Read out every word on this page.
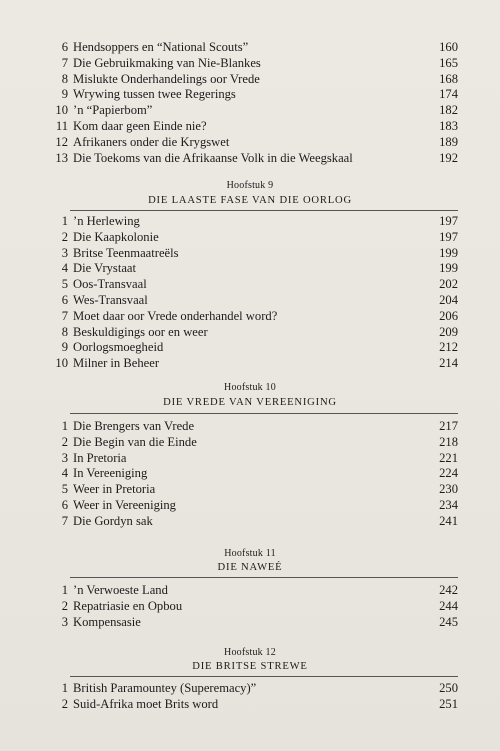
6 Hendsoppers en “National Scouts”	160
7 Die Gebruikmaking van Nie-Blankes	165
8 Mislukte Onderhandelings oor Vrede	168
9 Wrywing tussen twee Regerings	174
10 ’n “Papierbom”	182
11 Kom daar geen Einde nie?	183
12 Afrikaners onder die Krygswet	189
13 Die Toekoms van die Afrikaanse Volk in die Weegskaal	192
Hoofstuk 9
DIE LAASTE FASE VAN DIE OORLOG
1 ’n Herlewing	197
2 Die Kaapkolonie	197
3 Britse Teenmaatreëls	199
4 Die Vrystaat	199
5 Oos-Transvaal	202
6 Wes-Transvaal	204
7 Moet daar oor Vrede onderhandel word?	206
8 Beskuldigings oor en weer	209
9 Oorlogsmoegheid	212
10 Milner in Beheer	214
Hoofstuk 10
DIE VREDE VAN VEREENIGING
1 Die Brengers van Vrede	217
2 Die Begin van die Einde	218
3 In Pretoria	221
4 In Vereeniging	224
5 Weer in Pretoria	230
6 Weer in Vereeniging	234
7 Die Gordyn sak	241
Hoofstuk 11
DIE NAWEÉ
1 ’n Verwoeste Land	242
2 Repatriasie en Opbou	244
3 Kompensasie	245
Hoofstuk 12
DIE BRITSE STREWE
1 British Paramountey (Superemacy)”	250
2 Suid-Afrika moet Brits word	251
